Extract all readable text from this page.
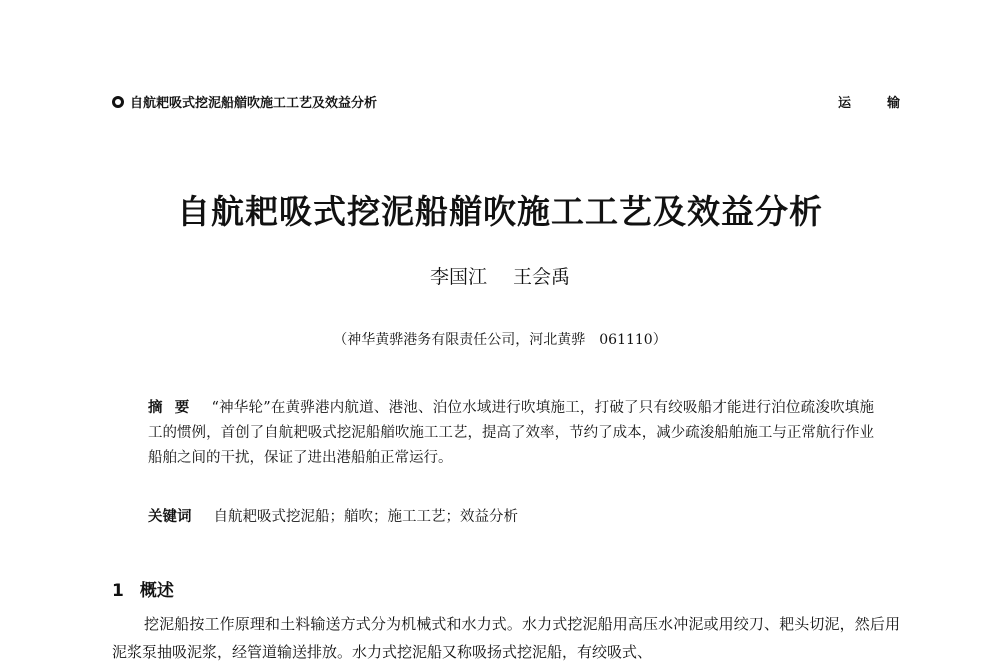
自航耙吸式挖泥船艏吹施工工艺及效益分析	运输
自航耙吸式挖泥船艏吹施工工艺及效益分析
李国江 王会禹
（神华黄骅港务有限责任公司，河北黄骅　061110）
摘要 “神华轮”在黄骅港内航道、港池、泊位水域进行吹填施工，打破了只有绞吸船才能进行泊位疏浚吹填施工的惯例，首创了自航耙吸式挖泥船艏吹施工工艺，提高了效率，节约了成本，减少疏浚船舶施工与正常航行作业船舶之间的干扰，保证了进出港船舶正常运行。
关键词 自航耙吸式挖泥船；艏吹；施工工艺；效益分析
1 概述
挖泥船按工作原理和土料输送方式分为机械式和水力式。水力式挖泥船用高压水冲泥或用绞刀、耙头切泥，然后用泥浆泵抽吸泥浆，经管道输送排放。水力式挖泥船又称吸扬式挖泥船，有绞吸式、
